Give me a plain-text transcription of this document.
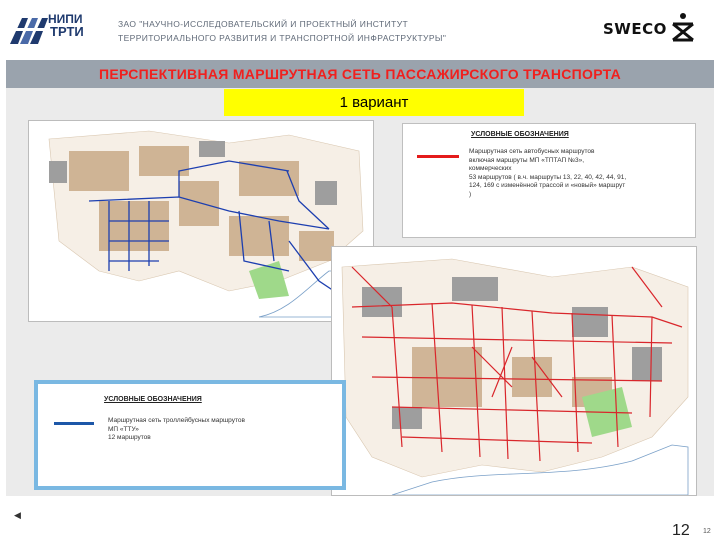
НИПИ
ТРТИ	ЗАО "НАУЧНО-ИССЛЕДОВАТЕЛЬСКИЙ И ПРОЕКТНЫЙ ИНСТИТУТ
ТЕРРИТОРИАЛЬНОГО РАЗВИТИЯ И ТРАНСПОРТНОЙ ИНФРАСТРУКТУРЫ"	SWECO
ПЕРСПЕКТИВНАЯ МАРШРУТНАЯ СЕТЬ ПАССАЖИРСКОГО ТРАНСПОРТА
1 вариант
УСЛОВНЫЕ ОБОЗНАЧЕНИЯ
Маршрутная сеть автобусных маршрутов
включая маршруты МП «ТПТАП №3»,
коммерческих
53 маршрутов ( в.ч. маршруты 13, 22, 40, 42, 44, 91,
124, 169 с изменённой трассой и «новый» маршрут
)
УСЛОВНЫЕ ОБОЗНАЧЕНИЯ
Маршрутная сеть троллейбусных маршрутов
МП «ТТУ»
12 маршрутов
◀
12 12
